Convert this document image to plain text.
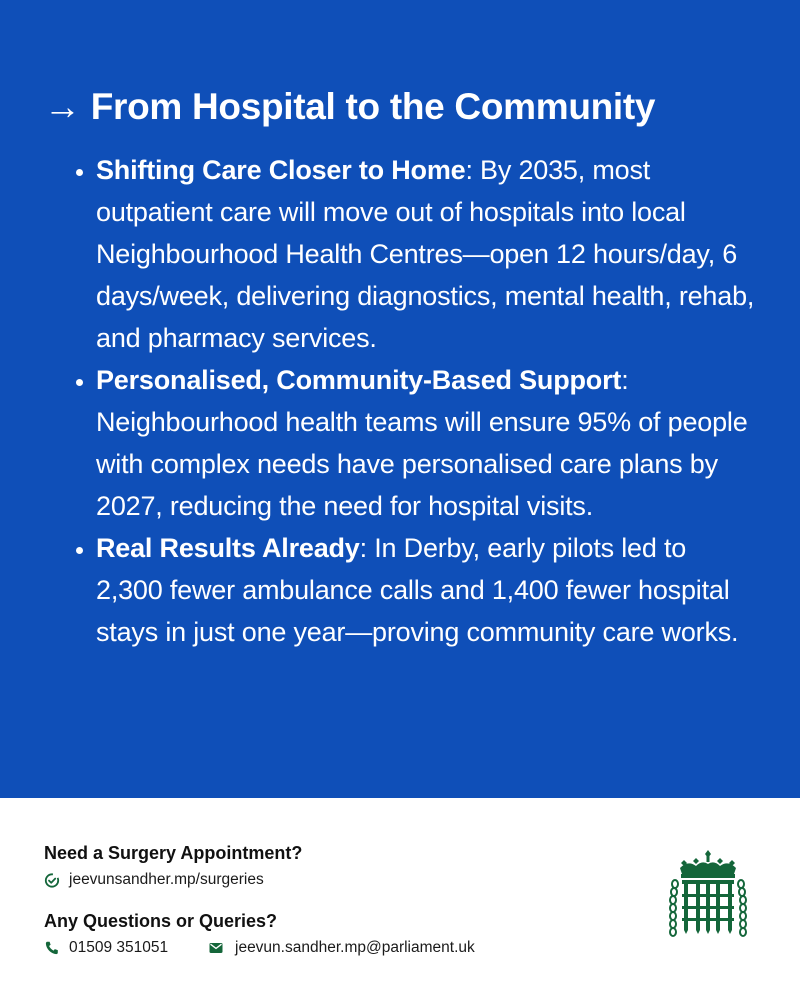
→ From Hospital to the Community
• Shifting Care Closer to Home: By 2035, most outpatient care will move out of hospitals into local Neighbourhood Health Centres—open 12 hours/day, 6 days/week, delivering diagnostics, mental health, rehab, and pharmacy services.
• Personalised, Community-Based Support: Neighbourhood health teams will ensure 95% of people with complex needs have personalised care plans by 2027, reducing the need for hospital visits.
• Real Results Already: In Derby, early pilots led to 2,300 fewer ambulance calls and 1,400 fewer hospital stays in just one year—proving community care works.
Need a Surgery Appointment?
jeevunsandher.mp/surgeries
Any Questions or Queries?
01509 351051	jeevun.sandher.mp@parliament.uk
